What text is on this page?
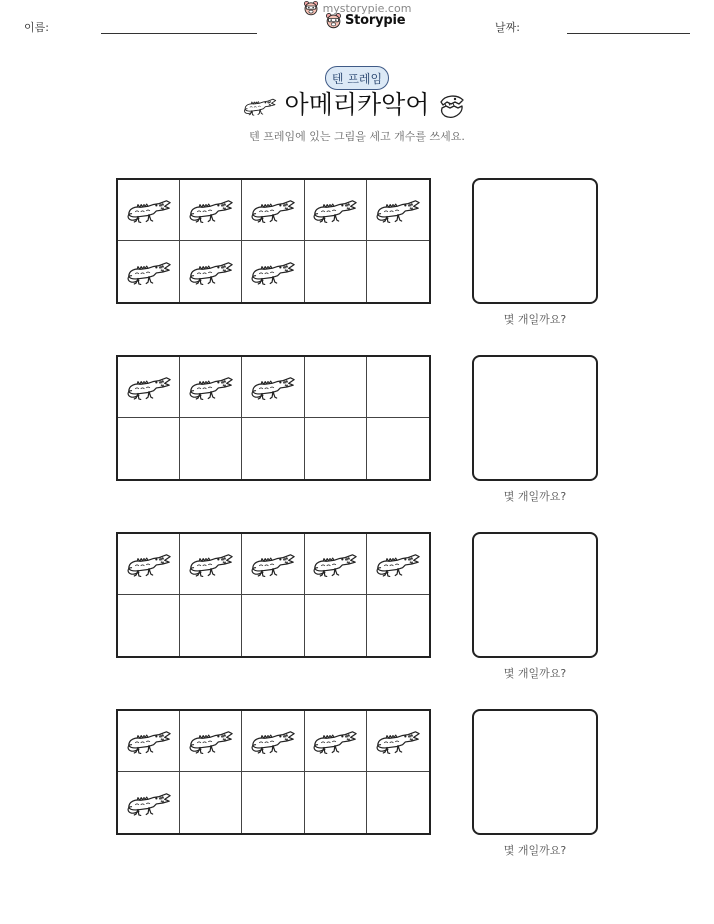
이름:	Storypie	날짜:
텐 프레임
아메리카악어
텐 프레임에 있는 그림을 세고 개수를 쓰세요.
몇 개일까요?
몇 개일까요?
몇 개일까요?
몇 개일까요?
mystorypie.com
